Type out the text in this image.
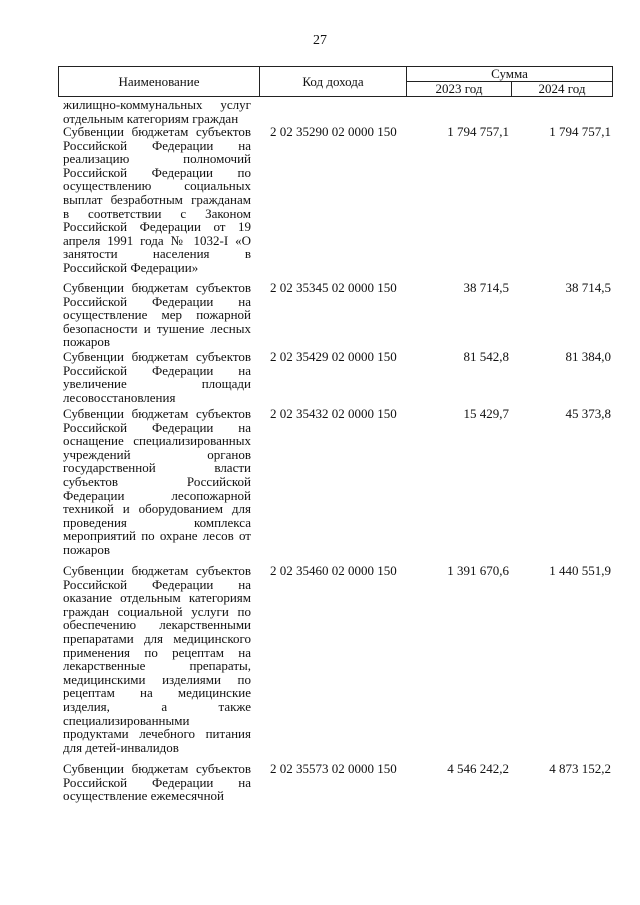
27
Наименование	Код дохода
Сумма
2023 год	2024 год
жилищно-коммунальных услуг
отдельным категориям граждан
Субвенции бюджетам субъектов
Российской Федерации на
реализацию полномочий
Российской Федерации по
осуществлению социальных
выплат безработным гражданам
в соответствии с Законом
Российской Федерации от 19
апреля 1991 года № 1032-I «О
занятости населения в
Российской Федерации»
2 02 35290 02 0000 150	1 794 757,1	1 794 757,1
Субвенции бюджетам субъектов
Российской Федерации на
осуществление мер пожарной
безопасности и тушение лесных
пожаров
2 02 35345 02 0000 150	38 714,5	38 714,5
Субвенции бюджетам субъектов
Российской Федерации на
увеличение площади
лесовосстановления
2 02 35429 02 0000 150	81 542,8	81 384,0
Субвенции бюджетам субъектов
Российской Федерации на
оснащение специализированных
учреждений органов
государственной власти
субъектов Российской
Федерации лесопожарной
техникой и оборудованием для
проведения комплекса
мероприятий по охране лесов от
пожаров
2 02 35432 02 0000 150	15 429,7	45 373,8
Субвенции бюджетам субъектов
Российской Федерации на
оказание отдельным категориям
граждан социальной услуги по
обеспечению лекарственными
препаратами для медицинского
применения по рецептам на
лекарственные препараты,
медицинскими изделиями по
рецептам на медицинские
изделия, а также
специализированными
продуктами лечебного питания
для детей-инвалидов
2 02 35460 02 0000 150	1 391 670,6	1 440 551,9
Субвенции бюджетам субъектов
Российской Федерации на
осуществление ежемесячной
2 02 35573 02 0000 150	4 546 242,2	4 873 152,2
